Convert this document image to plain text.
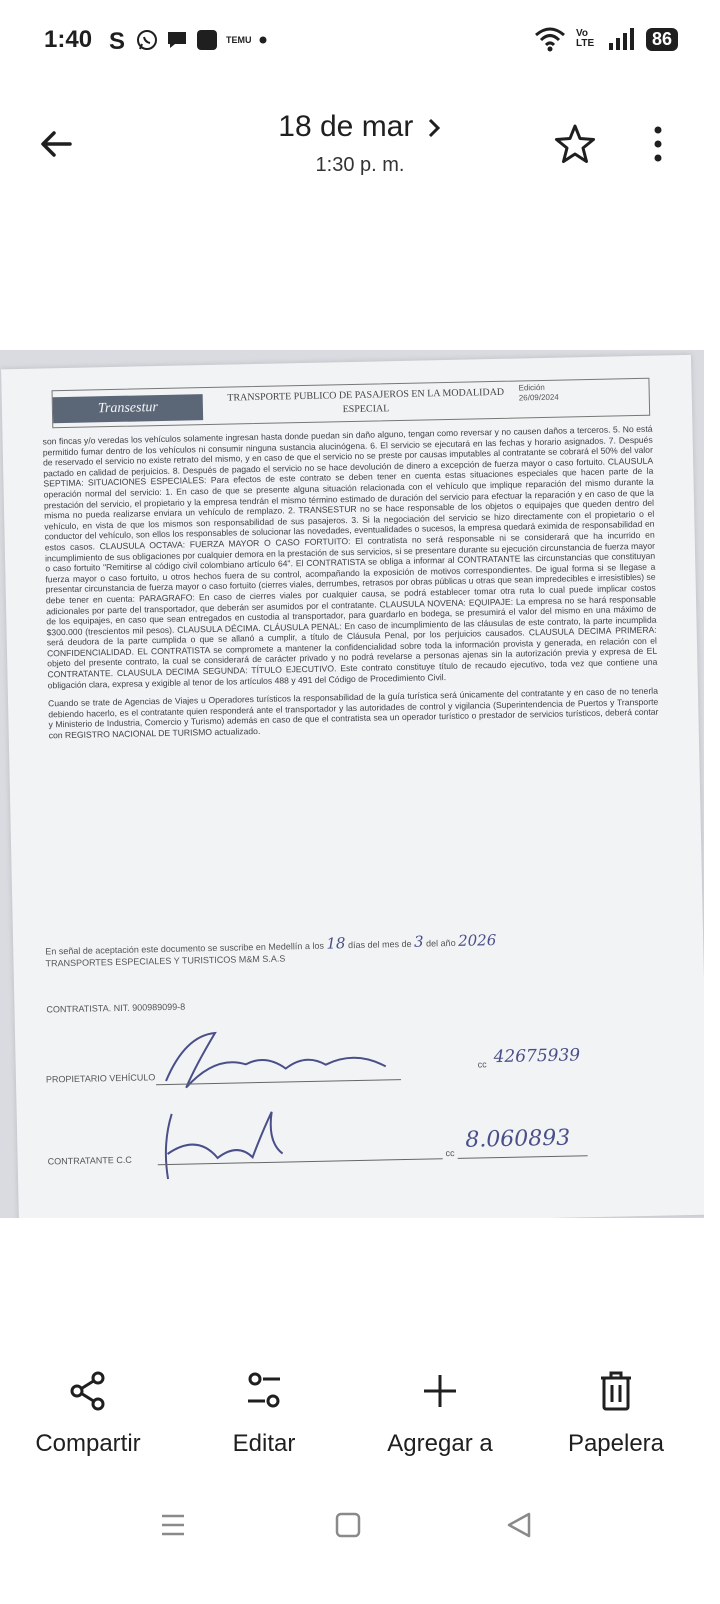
1:40 S	TEMU
Vo LTE	86
18 de mar
1:30 p. m.
Transestur
TRANSPORTE PUBLICO DE PASAJEROS EN LA MODALIDAD ESPECIAL
Edición
26/09/2024

son fincas y/o veredas los vehículos solamente ingresan hasta donde puedan sin daño alguno, tengan como reversar y no causen daños a terceros. 5. No está permitido fumar dentro de los vehículos ni consumir ninguna sustancia alucinógena. 6. El servicio se ejecutará en las fechas y horario asignados. 7. Después de reservado el servicio no existe retrato del mismo, y en caso de que el servicio no se preste por causas imputables al contratante se cobrará el 50% del valor pactado en calidad de perjuicios. 8. Después de pagado el servicio no se hace devolución de dinero a excepción de fuerza mayor o caso fortuito. CLAUSULA SEPTIMA: SITUACIONES ESPECIALES: Para efectos de este contrato se deben tener en cuenta estas situaciones especiales que hacen parte de la operación normal del servicio: 1. En caso de que se presente alguna situación relacionada con el vehículo que implique reparación del mismo durante la prestación del servicio, el propietario y la empresa tendrán el mismo término estimado de duración del servicio para efectuar la reparación y en caso de que la misma no pueda realizarse enviara un vehículo de remplazo. 2. TRANSESTUR no se hace responsable de los objetos o equipajes que queden dentro del vehículo, en vista de que los mismos son responsabilidad de sus pasajeros. 3. Si la negociación del servicio se hizo directamente con el propietario o el conductor del vehículo, son ellos los responsables de solucionar las novedades, eventualidades o sucesos, la empresa quedará eximida de responsabilidad en estos casos. CLAUSULA OCTAVA: FUERZA MAYOR O CASO FORTUITO: El contratista no será responsable ni se considerará que ha incurrido en incumplimiento de sus obligaciones por cualquier demora en la prestación de sus servicios, si se presentare durante su ejecución circunstancia de fuerza mayor o caso fortuito "Remitirse al código civil colombiano artículo 64". El CONTRATISTA se obliga a informar al CONTRATANTE las circunstancias que constituyan fuerza mayor o caso fortuito, u otros hechos fuera de su control, acompañando la exposición de motivos correspondientes. De igual forma si se llegase a presentar circunstancia de fuerza mayor o caso fortuito (cierres viales, derrumbes, retrasos por obras públicas u otras que sean impredecibles e irresistibles) se debe tener en cuenta: PARAGRAFO: En caso de cierres viales por cualquier causa, se podrá establecer tomar otra ruta lo cual puede implicar costos adicionales por parte del transportador, que deberán ser asumidos por el contratante. CLAUSULA NOVENA: EQUIPAJE: La empresa no se hará responsable de los equipajes, en caso que sean entregados en custodia al transportador, para guardarlo en bodega, se presumirá el valor del mismo en una máximo de $300.000 (trescientos mil pesos). CLAUSULA DÉCIMA. CLÁUSULA PENAL: En caso de incumplimiento de las cláusulas de este contrato, la parte incumplida será deudora de la parte cumplida o que se allanó a cumplir, a título de Cláusula Penal, por los perjuicios causados. CLAUSULA DECIMA PRIMERA: CONFIDENCIALIDAD. EL CONTRATISTA se compromete a mantener la confidencialidad sobre toda la información provista y generada, en relación con el objeto del presente contrato, la cual se considerará de carácter privado y no podrá revelarse a personas ajenas sin la autorización previa y expresa de EL CONTRATANTE. CLAUSULA DECIMA SEGUNDA: TÍTULO EJECUTIVO. Este contrato constituye título de recaudo ejecutivo, toda vez que contiene una obligación clara, expresa y exigible al tenor de los artículos 488 y 491 del Código de Procedimiento Civil.

Cuando se trate de Agencias de Viajes u Operadores turísticos la responsabilidad de la guía turística será únicamente del contratante y en caso de no tenerla debiendo hacerlo, es el contratante quien responderá ante el transportador y las autoridades de control y vigilancia (Superintendencia de Puertos y Transporte y Ministerio de Industria, Comercio y Turismo) además en caso de que el contratista sea un operador turístico o prestador de servicios turísticos, deberá contar con REGISTRO NACIONAL DE TURISMO actualizado.

En señal de aceptación este documento se suscribe en Medellín a los 18 días del mes de 3 del año 2026
TRANSPORTES ESPECIALES Y TURISTICOS M&M S.A.S
CONTRATISTA. NIT. 900989099-8
PROPIETARIO VEHÍCULO
cc 42675939
CONTRATANTE C.C
cc
8.060893
Compartir	Editar	Agregar a	Papelera
